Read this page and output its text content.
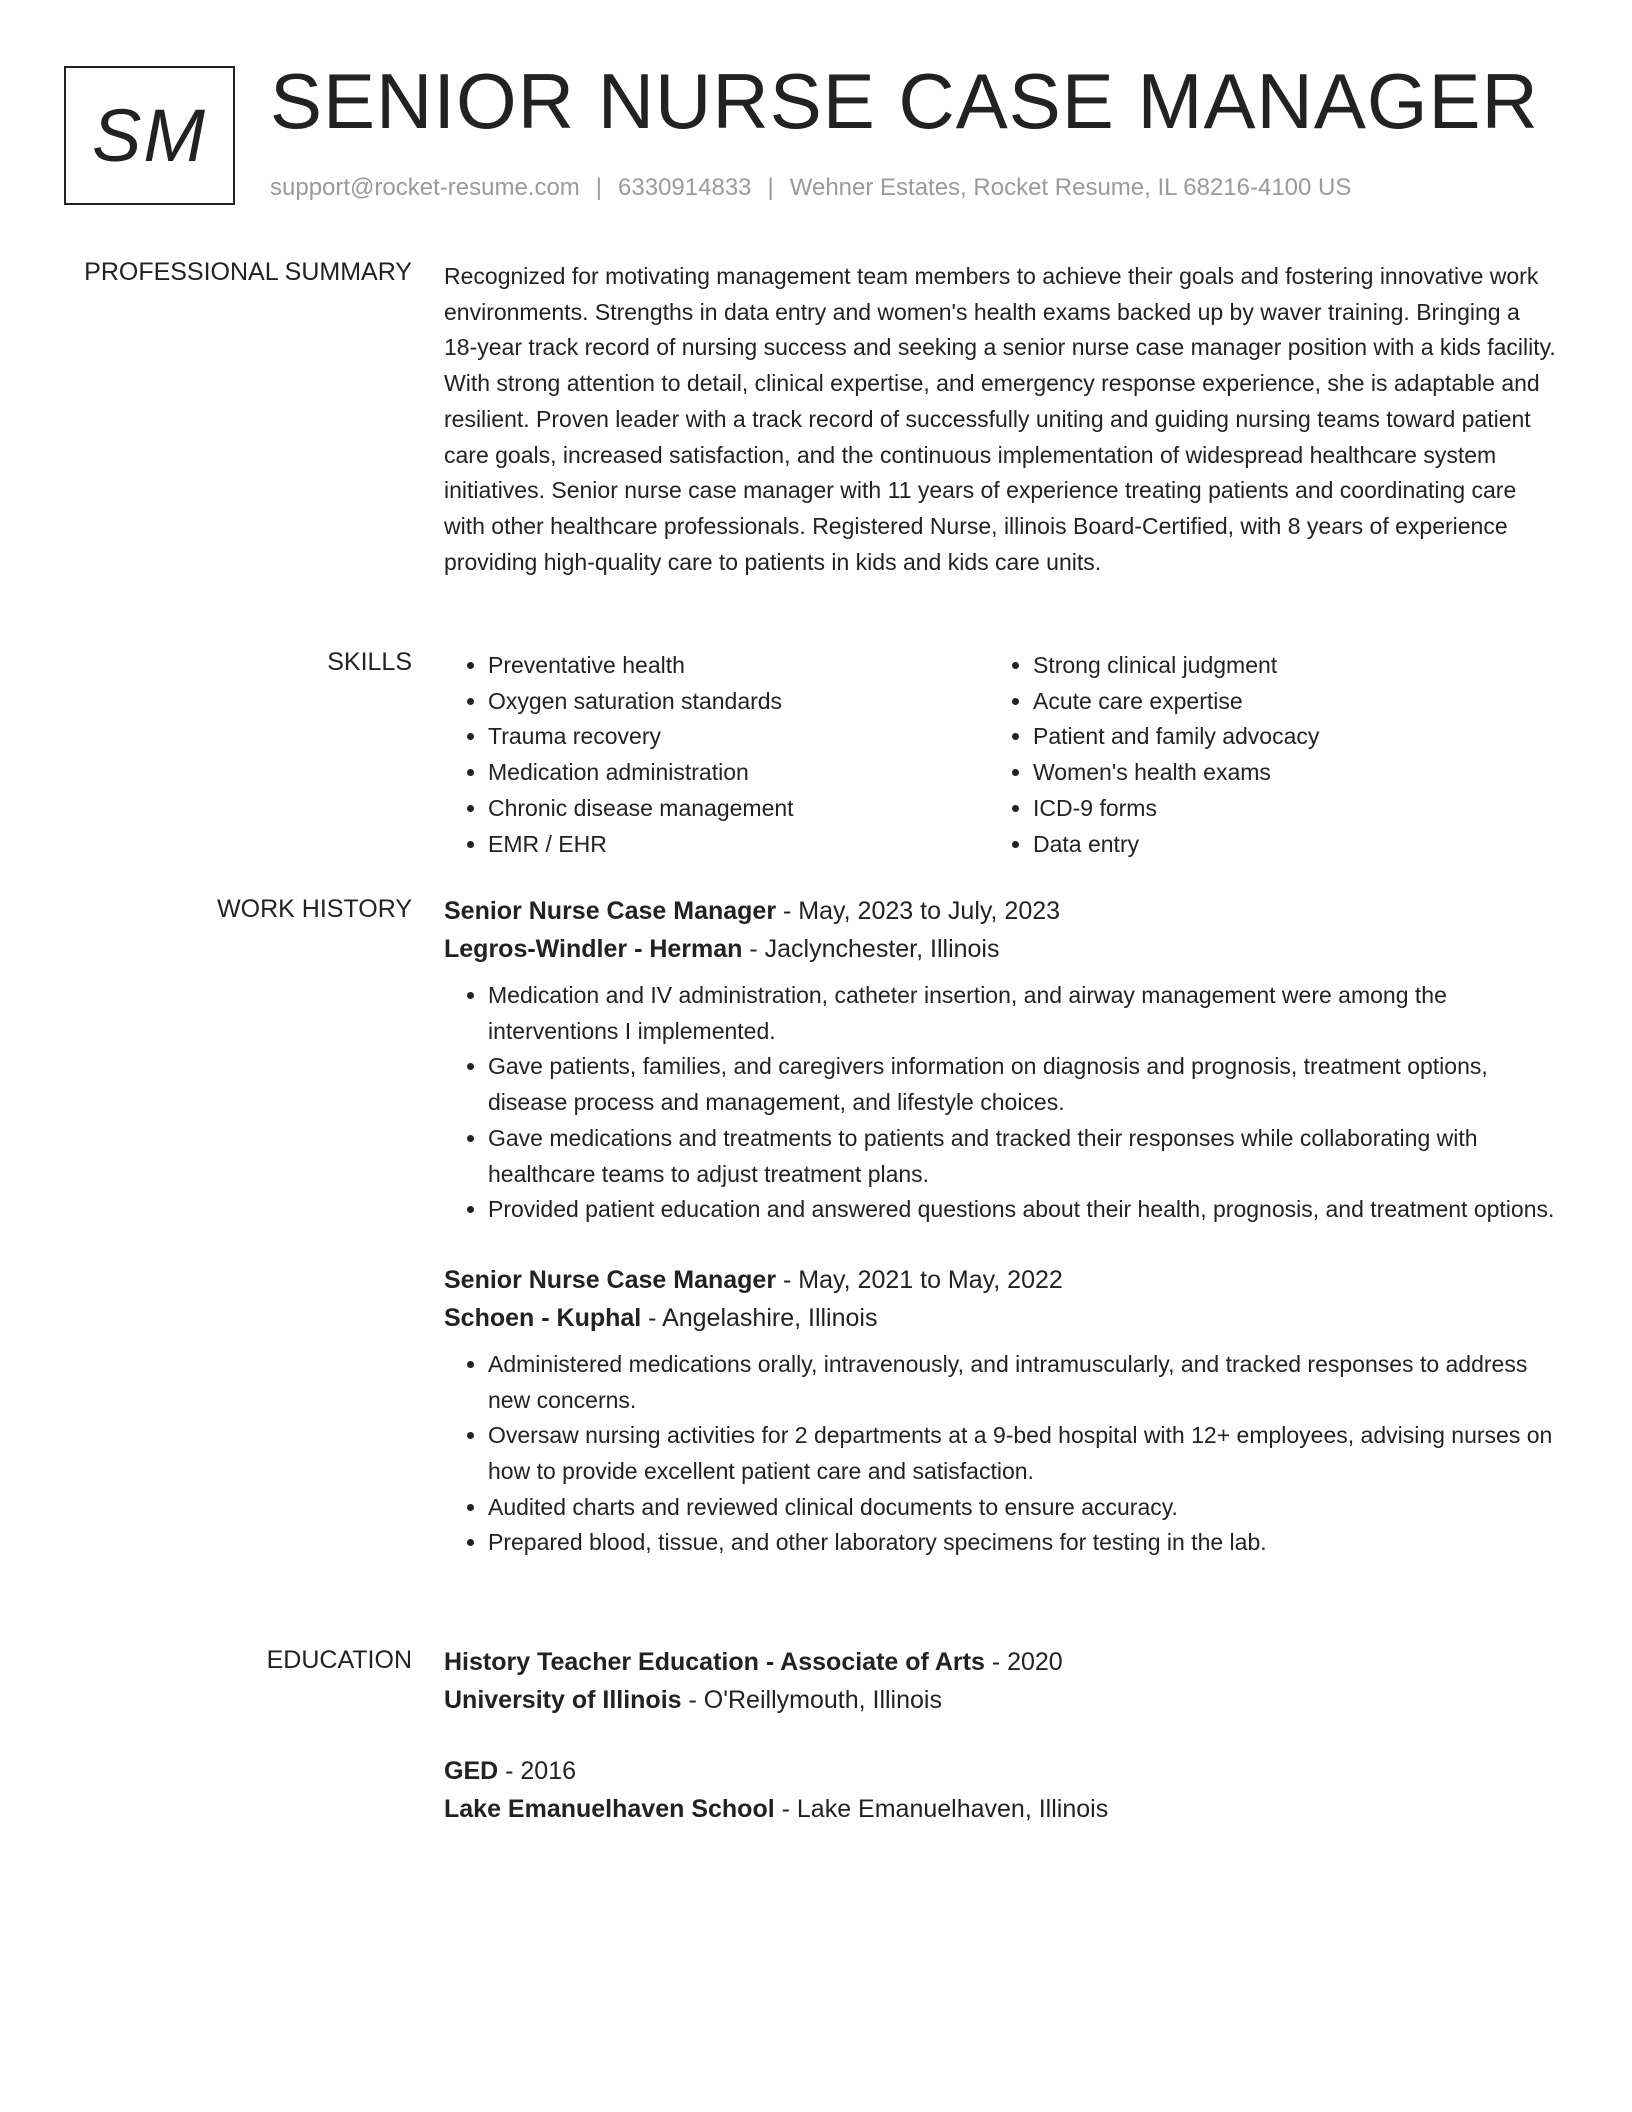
SM SENIOR NURSE CASE MANAGER
support@rocket-resume.com | 6330914833 | Wehner Estates, Rocket Resume, IL 68216-4100 US
PROFESSIONAL SUMMARY Recognized for motivating management team members to achieve their goals and fostering innovative work environments. Strengths in data entry and women's health exams backed up by waver training. Bringing a 18-year track record of nursing success and seeking a senior nurse case manager position with a kids facility. With strong attention to detail, clinical expertise, and emergency response experience, she is adaptable and resilient. Proven leader with a track record of successfully uniting and guiding nursing teams toward patient care goals, increased satisfaction, and the continuous implementation of widespread healthcare system initiatives. Senior nurse case manager with 11 years of experience treating patients and coordinating care with other healthcare professionals. Registered Nurse, illinois Board-Certified, with 8 years of experience providing high-quality care to patients in kids and kids care units.

SKILLS
•	Preventative health
• Oxygen saturation standards
• Trauma recovery
• Medication administration
• Chronic disease management
• EMR / EHR
• Strong clinical judgment
• Acute care expertise
• Patient and family advocacy
• Women's health exams
• ICD-9 forms
• Data entry
WORK HISTORY Senior Nurse Case Manager - May, 2023 to July, 2023
Legros-Windler - Herman - Jaclynchester, Illinois
• Medication and IV administration, catheter insertion, and airway management were among the interventions I implemented.
• Gave patients, families, and caregivers information on diagnosis and prognosis, treatment options, disease process and management, and lifestyle choices.
• Gave medications and treatments to patients and tracked their responses while collaborating with healthcare teams to adjust treatment plans.
• Provided patient education and answered questions about their health, prognosis, and treatment options.
Senior Nurse Case Manager - May, 2021 to May, 2022
Schoen - Kuphal - Angelashire, Illinois
• Administered medications orally, intravenously, and intramuscularly, and tracked responses to address new concerns.
• Oversaw nursing activities for 2 departments at a 9-bed hospital with 12+ employees, advising nurses on how to provide excellent patient care and satisfaction.
• Audited charts and reviewed clinical documents to ensure accuracy.
• Prepared blood, tissue, and other laboratory specimens for testing in the lab.
EDUCATION History Teacher Education - Associate of Arts - 2020
University of Illinois - O'Reillymouth, Illinois
GED - 2016
Lake Emanuelhaven School - Lake Emanuelhaven, Illinois
